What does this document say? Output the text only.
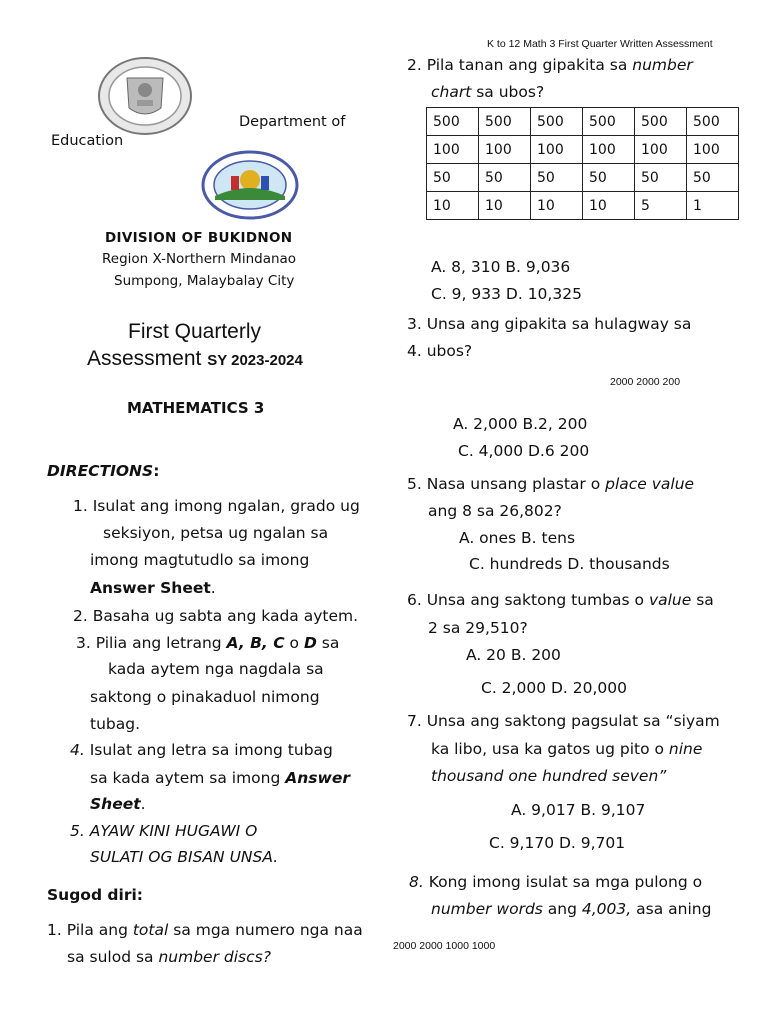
K to 12 Math 3 First Quarter Written Assessment
Department of
Education
DIVISION OF BUKIDNON
Region X-Northern Mindanao
Sumpong, Malaybalay City
First Quarterly
Assessment SY 2023-2024
MATHEMATICS 3
DIRECTIONS:
1. Isulat ang imong ngalan, grado ug
seksiyon, petsa ug ngalan sa
imong magtutudlo sa imong
Answer Sheet.
2. Basaha ug sabta ang kada aytem.
3. Pilia ang letrang A, B, C o D sa
kada aytem nga nagdala sa
saktong o pinakaduol nimong
tubag.
4. Isulat ang letra sa imong tubag
sa kada aytem sa imong Answer
Sheet.
5. AYAW KINI HUGAWI O
SULATI OG BISAN UNSA.
Sugod diri:
1. Pila ang total sa mga numero nga naa
sa sulod sa number discs?
2. Pila tanan ang gipakita sa number
chart sa ubos?
500	500	500	500	500	500
100	100	100	100	100	100
50	50	50	50	50	50
10	10	10	10	5	1
A. 8, 310 B. 9,036
C. 9, 933 D. 10,325
3. Unsa ang gipakita sa hulagway sa
4. ubos?
2000 2000 200
A. 2,000 B.2, 200
C. 4,000 D.6 200
5. Nasa unsang plastar o place value
ang 8 sa 26,802?
A. ones B. tens
C. hundreds D. thousands
6. Unsa ang saktong tumbas o value sa
2 sa 29,510?
A. 20 B. 200
C. 2,000 D. 20,000
7. Unsa ang saktong pagsulat sa “siyam
ka libo, usa ka gatos ug pito o nine
thousand one hundred seven”
A. 9,017 B. 9,107
C. 9,170 D. 9,701
8. Kong imong isulat sa mga pulong o
number words ang 4,003, asa aning
2000 2000 1000 1000
